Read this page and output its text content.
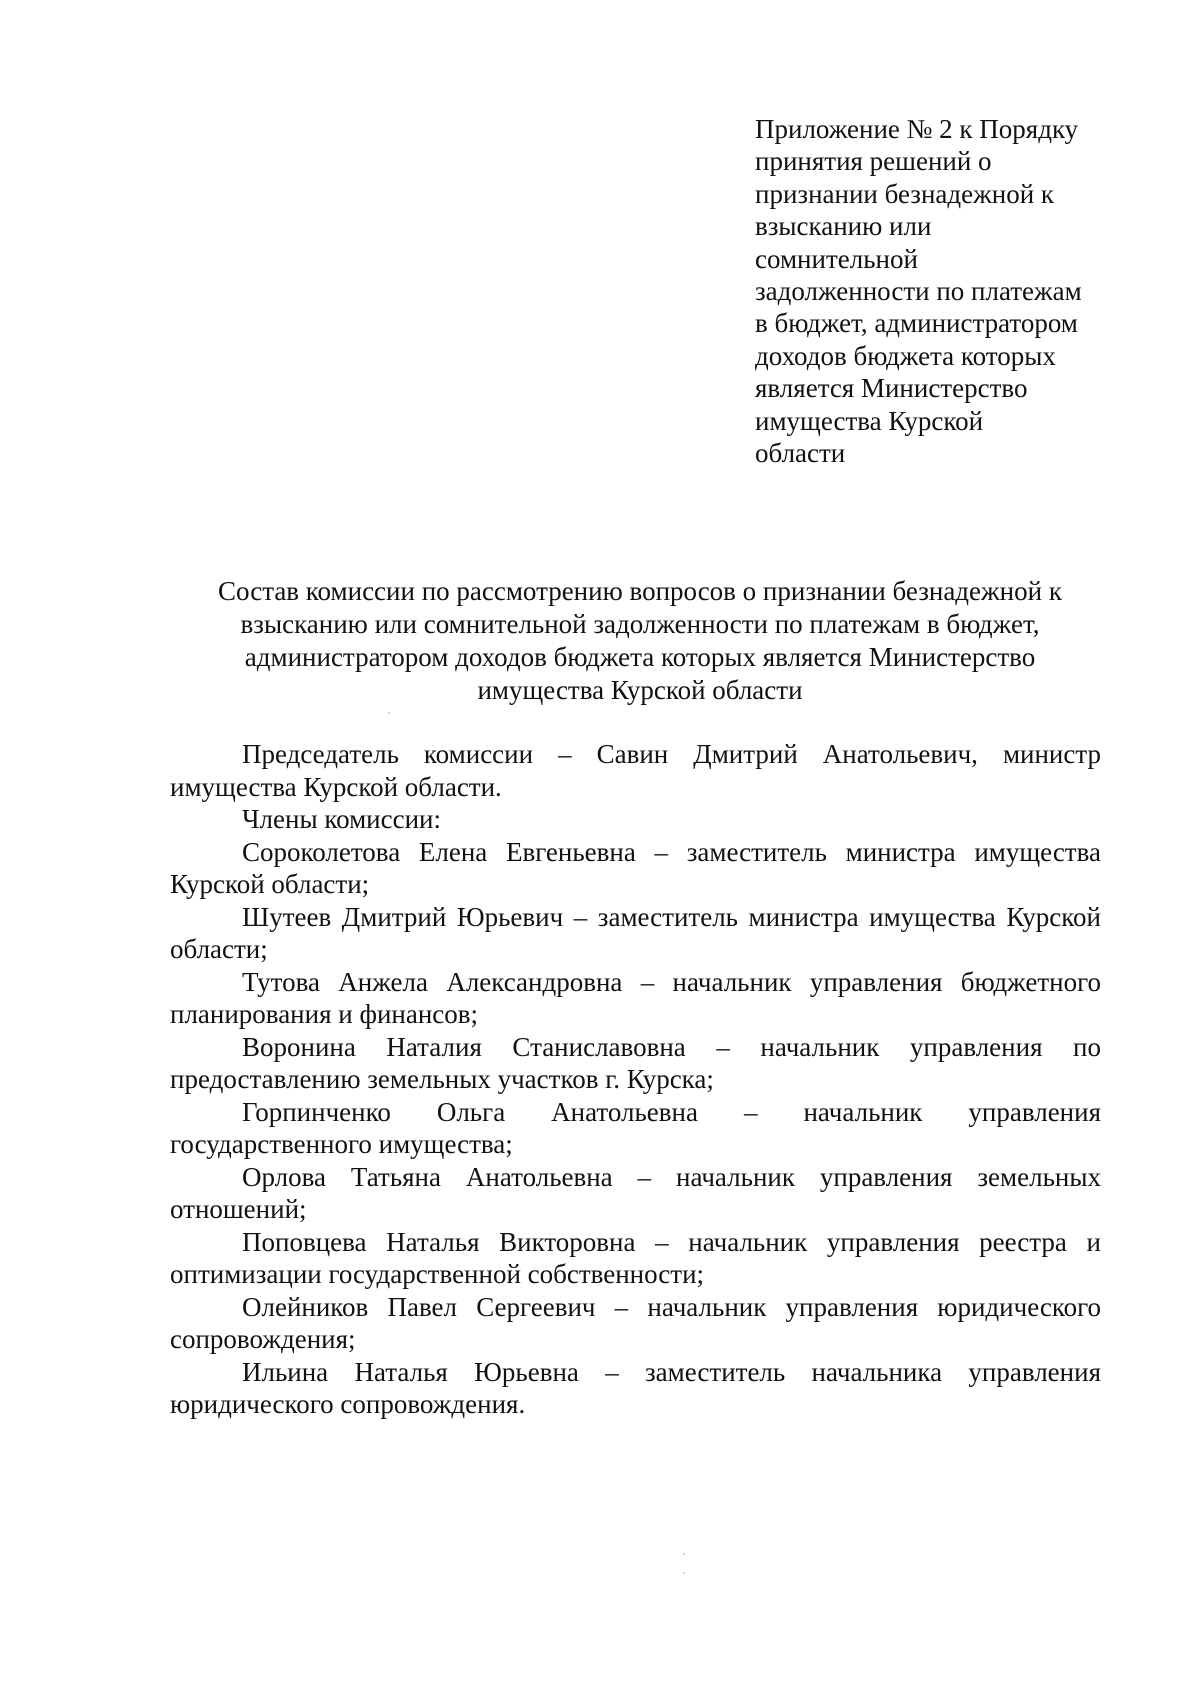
Приложение № 2 к Порядку
принятия решений о
признании безнадежной к
взысканию или
сомнительной
задолженности по платежам
в бюджет, администратором
доходов бюджета которых
является Министерство
имущества Курской
области
Состав комиссии по рассмотрению вопросов о признании безнадежной к
взысканию или сомнительной задолженности по платежам в бюджет,
администратором доходов бюджета которых является Министерство
имущества Курской области

Председатель комиссии – Савин Дмитрий Анатольевич, министр имущества Курской области.

Члены комиссии:

Сороколетова Елена Евгеньевна – заместитель министра имущества Курской области;

Шутеев Дмитрий Юрьевич – заместитель министра имущества Курской области;

Тутова Анжела Александровна – начальник управления бюджетного планирования и финансов;

Воронина Наталия Станиславовна – начальник управления по предоставлению земельных участков г. Курска;

Горпинченко Ольга Анатольевна – начальник управления государственного имущества;

Орлова Татьяна Анатольевна – начальник управления земельных отношений;

Поповцева Наталья Викторовна – начальник управления реестра и оптимизации государственной собственности;

Олейников Павел Сергеевич – начальник управления юридического сопровождения;

Ильина Наталья Юрьевна – заместитель начальника управления юридического сопровождения.
